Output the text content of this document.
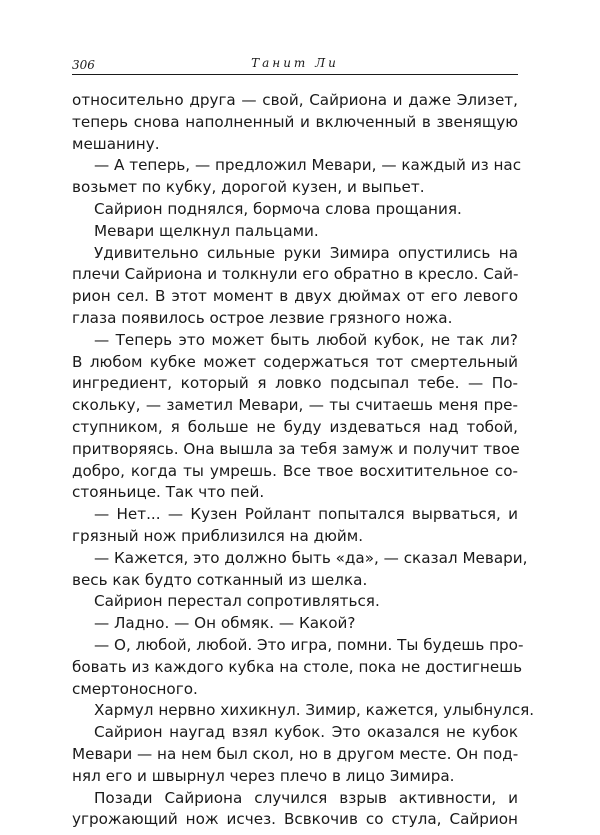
306	Танит Ли
относительно друга — свой, Сайриона и даже Элизет,
теперь снова наполненный и включенный в звенящую
мешанину.
— А теперь, — предложил Мевари, — каждый из нас
возьмет по кубку, дорогой кузен, и выпьет.
Сайрион поднялся, бормоча слова прощания.
Мевари щелкнул пальцами.
Удивительно сильные руки Зимира опустились на
плечи Сайриона и толкнули его обратно в кресло. Сай-
рион сел. В этот момент в двух дюймах от его левого
глаза появилось острое лезвие грязного ножа.
— Теперь это может быть любой кубок, не так ли?
В любом кубке может содержаться тот смертельный
ингредиент, который я ловко подсыпал тебе. — По-
скольку, — заметил Мевари, — ты считаешь меня пре-
ступником, я больше не буду издеваться над тобой,
притворяясь. Она вышла за тебя замуж и получит твое
добро, когда ты умрешь. Все твое восхитительное со-
стояньице. Так что пей.
— Нет... — Кузен Ройлант попытался вырваться, и
грязный нож приблизился на дюйм.
— Кажется, это должно быть «да», — сказал Мевари,
весь как будто сотканный из шелка.
Сайрион перестал сопротивляться.
— Ладно. — Он обмяк. — Какой?
— О, любой, любой. Это игра, помни. Ты будешь про-
бовать из каждого кубка на столе, пока не достигнешь
смертоносного.
Хармул нервно хихикнул. Зимир, кажется, улыбнулся.
Сайрион наугад взял кубок. Это оказался не кубок
Мевари — на нем был скол, но в другом месте. Он под-
нял его и швырнул через плечо в лицо Зимира.
Позади Сайриона случился взрыв активности, и
угрожающий нож исчез. Всвкочив со стула, Сайрион
